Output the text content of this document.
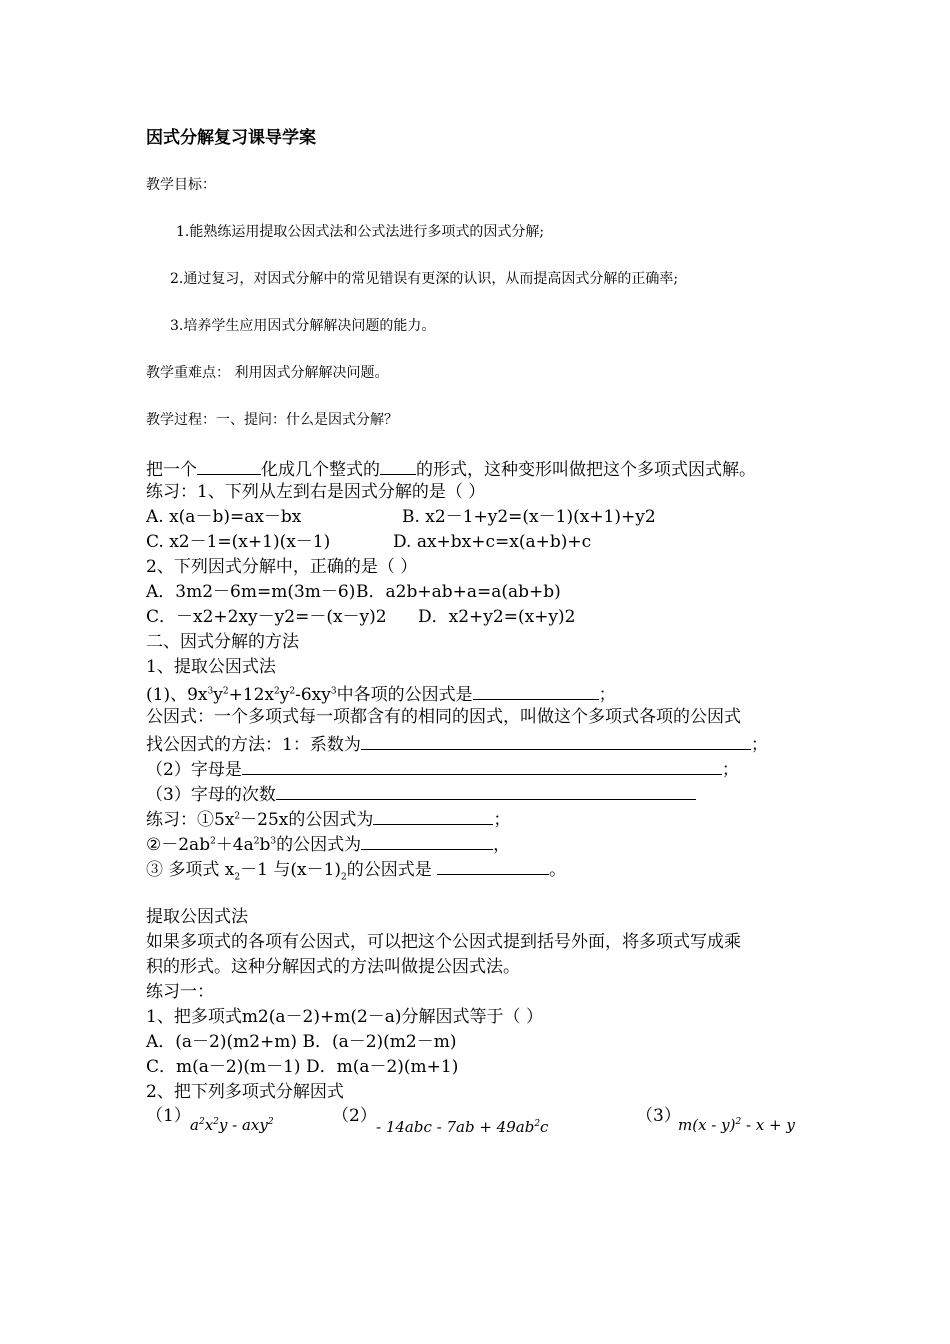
因式分解复习课导学案
教学目标：
1.能熟练运用提取公因式法和公式法进行多项式的因式分解;
2.通过复习，对因式分解中的常见错误有更深的认识，从而提高因式分解的正确率;
3.培养学生应用因式分解解决问题的能力。
教学重难点： 利用因式分解解决问题。
教学过程：一、提问：什么是因式分解？
把一个	化成几个整式的 的形式，这种变形叫做把这个多项式因式解。
练习：1、下列从左到右是因式分解的是（ ）
A. x(a－b)=ax－bx	B. x2－1+y2=(x－1)(x+1)+y2
C. x2－1=(x+1)(x－1)	D. ax+bx+c=x(a+b)+c
2、下列因式分解中，正确的是（ ）
A．3m2－6m=m(3m－6) B．a2b+ab+a=a(ab+b)
C．－x2+2xy－y2=－(x－y)2 D．x2+y2=(x+y)2
二、因式分解的方法
1、提取公因式法
(1)、$9x^3y^2+12x^2y^2-6xy^3$中各项的公因式是	；
公因式：一个多项式每一项都含有的相同的因式，叫做这个多项式各项的公因式
找公因式的方法：1：系数为	；
（2）字母是	；
（3）字母的次数
练习：$①5x^2-25x$的公因式为	；
$②-2ab^2+4a^2b^3$的公因式为	，
③ 多项式 $x_2-1$ 与$(x-1)_2$的公因式是	。
提取公因式法
如果多项式的各项有公因式，可以把这个公因式提到括号外面，将多项式写成乘
积的形式。这种分解因式的方法叫做提公因式法。
练习一：
1、把多项式m2(a－2)+m(2－a)分解因式等于（ ）
A．(a－2)(m2+m) B．(a－2)(m2－m)
C．m(a－2)(m－1) D．m(a－2)(m+1)
2、把下列多项式分解因式
（1） $a^2x^2y - axy^2$	（2）
- $14abc - 7ab + 49ab^2c$
（3）
m(x - y)$^2$ - x + y
